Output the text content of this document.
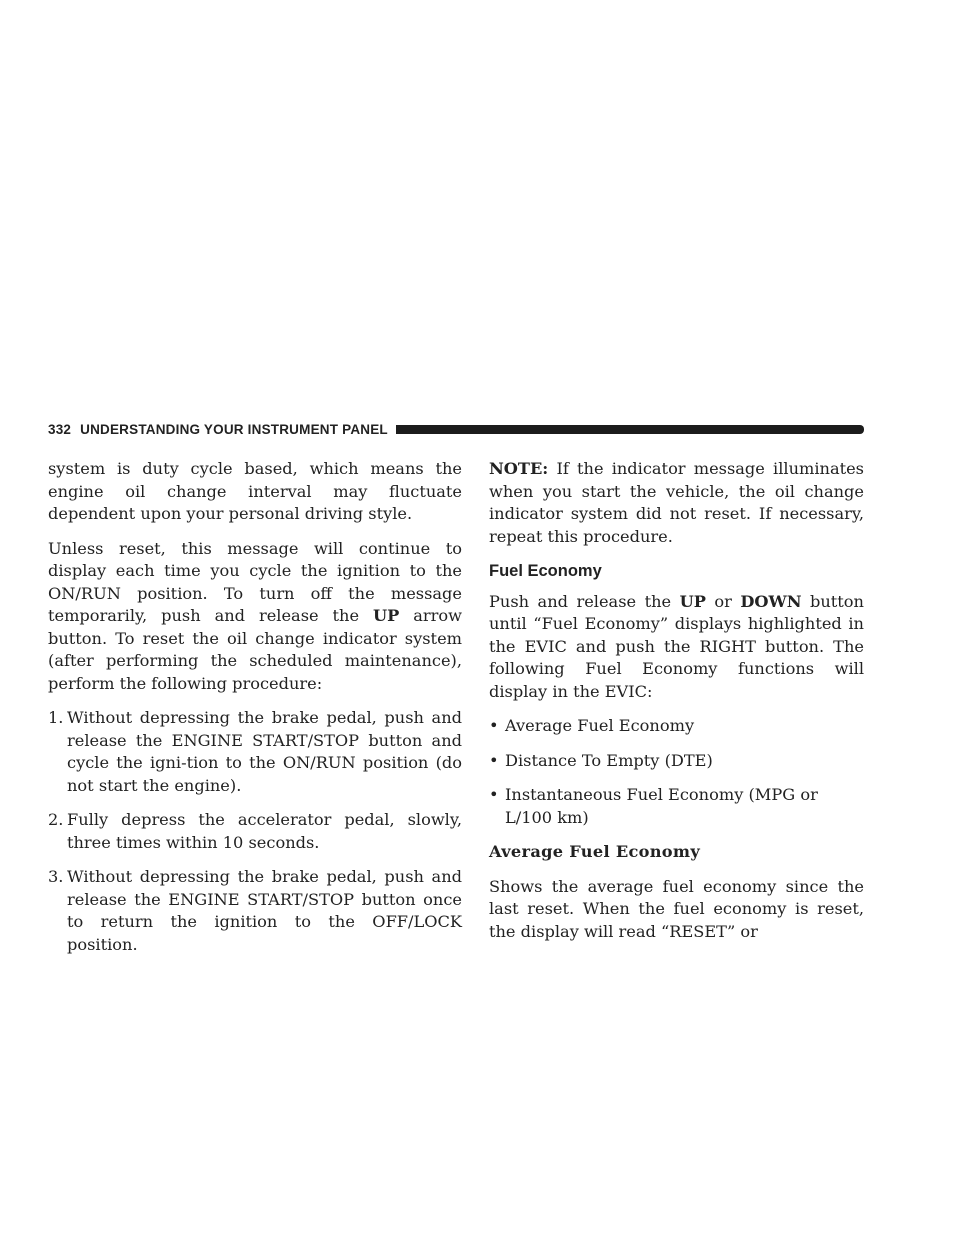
332 UNDERSTANDING YOUR INSTRUMENT PANEL

system is duty cycle based, which means the engine oil change interval may fluctuate dependent upon your personal driving style.

Unless reset, this message will continue to display each time you cycle the ignition to the ON/RUN position. To turn off the message temporarily, push and release the UP arrow button. To reset the oil change indicator system (after performing the scheduled maintenance), perform the following procedure:

1. Without depressing the brake pedal, push and release the ENGINE START/STOP button and cycle the igni-tion to the ON/RUN position (do not start the engine).
2. Fully depress the accelerator pedal, slowly, three times within 10 seconds.
3. Without depressing the brake pedal, push and release the ENGINE START/STOP button once to return the ignition to the OFF/LOCK position.

NOTE: If the indicator message illuminates when you start the vehicle, the oil change indicator system did not reset. If necessary, repeat this procedure.

Fuel Economy

Push and release the UP or DOWN button until “Fuel Economy” displays highlighted in the EVIC and push the RIGHT button. The following Fuel Economy functions will display in the EVIC:

• Average Fuel Economy
• Distance To Empty (DTE)
• Instantaneous Fuel Economy (MPG or L/100 km)

Average Fuel Economy

Shows the average fuel economy since the last reset. When the fuel economy is reset, the display will read “RESET” or
